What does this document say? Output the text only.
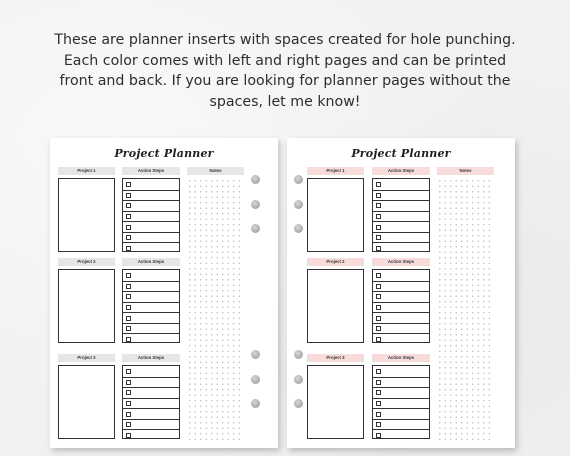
These are planner inserts with spaces created for hole punching.
Each color comes with left and right pages and can be printed
front and back. If you are looking for planner pages without the
spaces, let me know!
Project Planner
Project 1	Action Steps
Project 2	Action Steps
Project 3	Action Steps
Notes
Project Planner
Project 1	Action Steps
Project 2	Action Steps
Project 3	Action Steps
Notes
